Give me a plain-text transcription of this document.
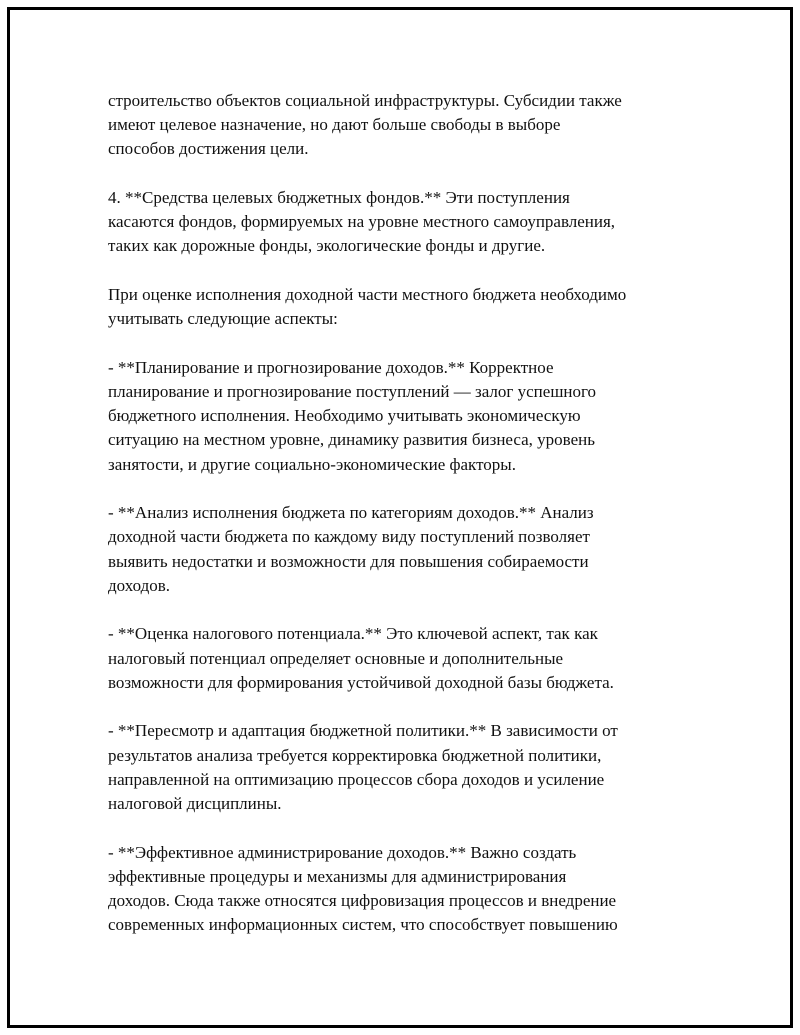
строительство объектов социальной инфраструктуры. Субсидии также
имеют целевое назначение, но дают больше свободы в выборе
способов достижения цели.

4. **Средства целевых бюджетных фондов.** Эти поступления
касаются фондов, формируемых на уровне местного самоуправления,
таких как дорожные фонды, экологические фонды и другие.

При оценке исполнения доходной части местного бюджета необходимо
учитывать следующие аспекты:

- **Планирование и прогнозирование доходов.** Корректное
планирование и прогнозирование поступлений — залог успешного
бюджетного исполнения. Необходимо учитывать экономическую
ситуацию на местном уровне, динамику развития бизнеса, уровень
занятости, и другие социально-экономические факторы.

- **Анализ исполнения бюджета по категориям доходов.** Анализ
доходной части бюджета по каждому виду поступлений позволяет
выявить недостатки и возможности для повышения собираемости
доходов.

- **Оценка налогового потенциала.** Это ключевой аспект, так как
налоговый потенциал определяет основные и дополнительные
возможности для формирования устойчивой доходной базы бюджета.

- **Пересмотр и адаптация бюджетной политики.** В зависимости от
результатов анализа требуется корректировка бюджетной политики,
направленной на оптимизацию процессов сбора доходов и усиление
налоговой дисциплины.

- **Эффективное администрирование доходов.** Важно создать
эффективные процедуры и механизмы для администрирования
доходов. Сюда также относятся цифровизация процессов и внедрение
современных информационных систем, что способствует повышению
